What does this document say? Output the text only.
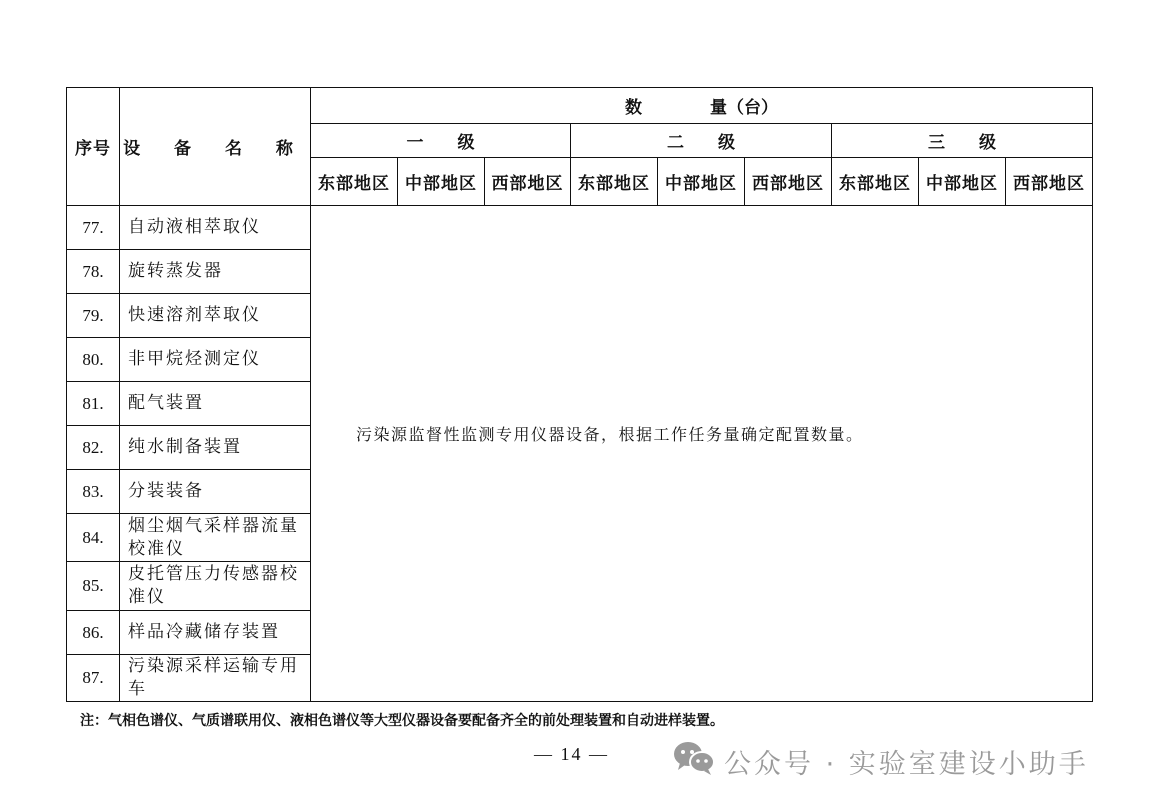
序号	设 备 名 称	数　　　　量（台）								
		一　　级			二　　级			三　　级		
		东部地区	中部地区	西部地区	东部地区	中部地区	西部地区	东部地区	中部地区	西部地区
77.	自动液相萃取仪	污染源监督性监测专用仪器设备，根据工作任务量确定配置数量。								
78.	旋转蒸发器									
79.	快速溶剂萃取仪									
80.	非甲烷烃测定仪									
81.	配气装置									
82.	纯水制备装置									
83.	分装装备									
84.	烟尘烟气采样器流量校准仪									
85.	皮托管压力传感器校准仪									
86.	样品冷藏储存装置									
87.	污染源采样运输专用车									
注：气相色谱仪、气质谱联用仪、液相色谱仪等大型仪器设备要配备齐全的前处理装置和自动进样装置。
— 14 —	公众号 · 实验室建设小助手
